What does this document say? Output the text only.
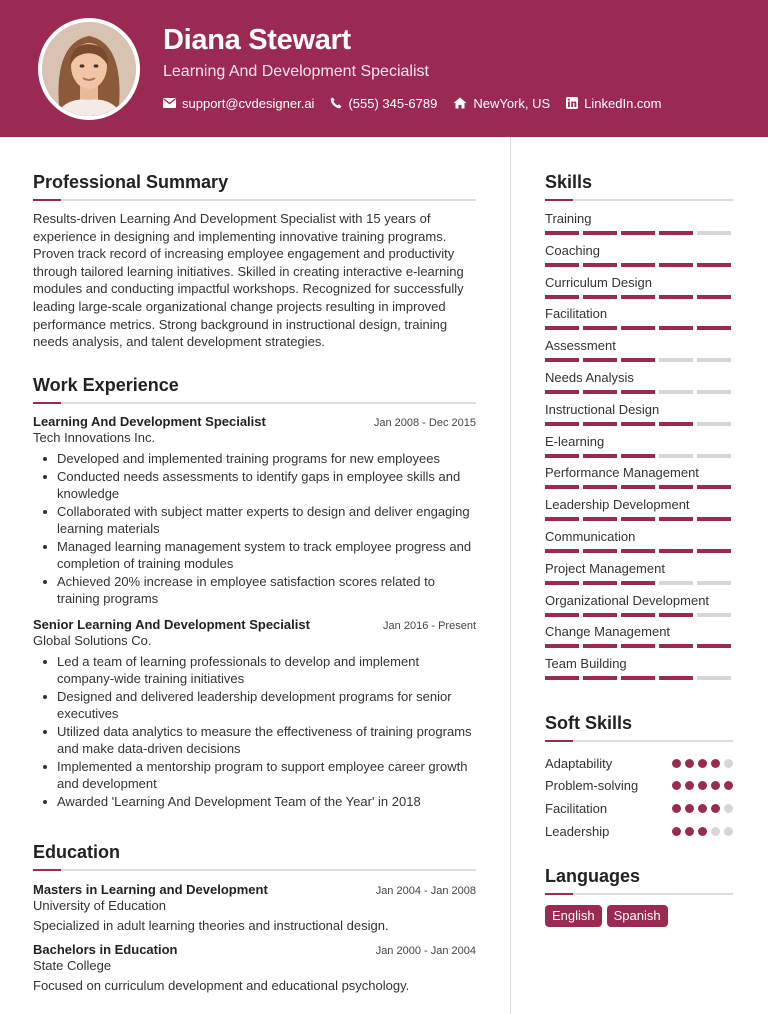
Diana Stewart
Learning And Development Specialist
support@cvdesigner.ai	(555) 345-6789	NewYork, US	LinkedIn.com
Professional Summary
Results-driven Learning And Development Specialist with 15 years of experience in designing and implementing innovative training programs. Proven track record of increasing employee engagement and productivity through tailored learning initiatives. Skilled in creating interactive e-learning modules and conducting impactful workshops. Recognized for successfully leading large-scale organizational change projects resulting in improved performance metrics. Strong background in instructional design, training needs analysis, and talent development strategies.
Work Experience
Learning And Development Specialist	Jan 2008 - Dec 2015
Tech Innovations Inc.
Developed and implemented training programs for new employees
Conducted needs assessments to identify gaps in employee skills and knowledge
Collaborated with subject matter experts to design and deliver engaging learning materials
Managed learning management system to track employee progress and completion of training modules
Achieved 20% increase in employee satisfaction scores related to training programs
Senior Learning And Development Specialist	Jan 2016 - Present
Global Solutions Co.
Led a team of learning professionals to develop and implement company-wide training initiatives
Designed and delivered leadership development programs for senior executives
Utilized data analytics to measure the effectiveness of training programs and make data-driven decisions
Implemented a mentorship program to support employee career growth and development
Awarded 'Learning And Development Team of the Year' in 2018
Education
Masters in Learning and Development	Jan 2004 - Jan 2008
University of Education
Specialized in adult learning theories and instructional design.
Bachelors in Education	Jan 2000 - Jan 2004
State College
Focused on curriculum development and educational psychology.
Skills
Training
Coaching
Curriculum Design
Facilitation
Assessment
Needs Analysis
Instructional Design
E-learning
Performance Management
Leadership Development
Communication
Project Management
Organizational Development
Change Management
Team Building
Soft Skills
Adaptability
Problem-solving
Facilitation
Leadership
Languages
English	Spanish
